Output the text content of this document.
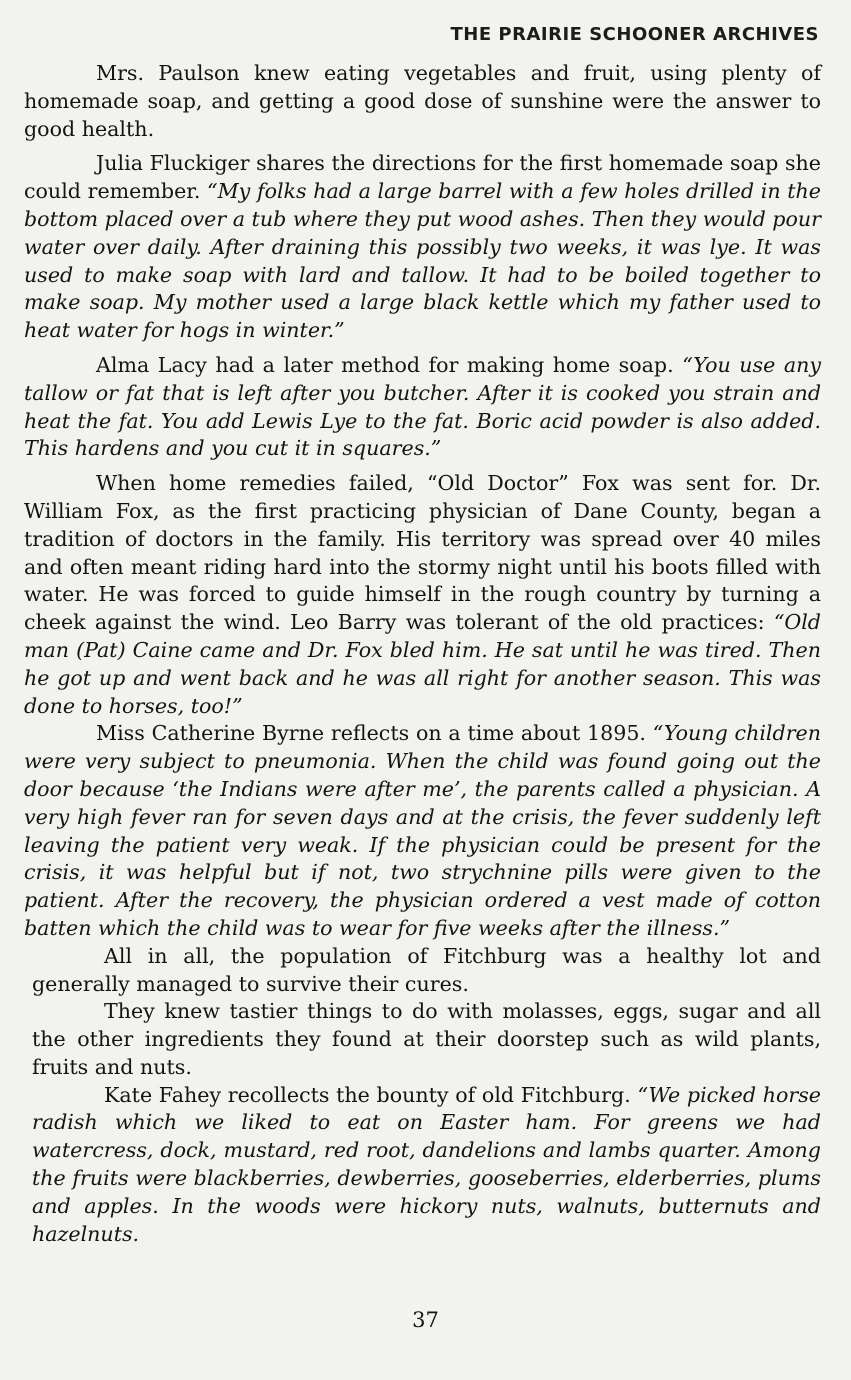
THE PRAIRIE SCHOONER ARCHIVES

Mrs. Paulson knew eating vegetables and fruit, using plenty of homemade soap, and getting a good dose of sunshine were the answer to good health.

Julia Fluckiger shares the directions for the first homemade soap she could remember. “My folks had a large barrel with a few holes drilled in the bottom placed over a tub where they put wood ashes. Then they would pour water over daily. After draining this possibly two weeks, it was lye. It was used to make soap with lard and tallow. It had to be boiled together to make soap. My mother used a large black kettle which my father used to heat water for hogs in winter.”

Alma Lacy had a later method for making home soap. “You use any tallow or fat that is left after you butcher. After it is cooked you strain and heat the fat. You add Lewis Lye to the fat. Boric acid powder is also added. This hardens and you cut it in squares.”

When home remedies failed, “Old Doctor” Fox was sent for. Dr. William Fox, as the first practicing physician of Dane County, began a tradition of doctors in the family. His territory was spread over 40 miles and often meant riding hard into the stormy night until his boots filled with water. He was forced to guide himself in the rough country by turning a cheek against the wind. Leo Barry was tolerant of the old practices: “Old man (Pat) Caine came and Dr. Fox bled him. He sat until he was tired. Then he got up and went back and he was all right for another season. This was done to horses, too!”

Miss Catherine Byrne reflects on a time about 1895. “Young children were very subject to pneumonia. When the child was found going out the door because ‘the Indians were after me’, the parents called a physician. A very high fever ran for seven days and at the crisis, the fever suddenly left leaving the patient very weak. If the physician could be present for the crisis, it was helpful but if not, two strychnine pills were given to the patient. After the recovery, the physician ordered a vest made of cotton batten which the child was to wear for five weeks after the illness.”

All in all, the population of Fitchburg was a healthy lot and generally managed to survive their cures.

They knew tastier things to do with molasses, eggs, sugar and all the other ingredients they found at their doorstep such as wild plants, fruits and nuts.

Kate Fahey recollects the bounty of old Fitchburg. “We picked horse radish which we liked to eat on Easter ham. For greens we had watercress, dock, mustard, red root, dandelions and lambs quarter. Among the fruits were blackberries, dewberries, gooseberries, elderberries, plums and apples. In the woods were hickory nuts, walnuts, butternuts and hazelnuts.

37
